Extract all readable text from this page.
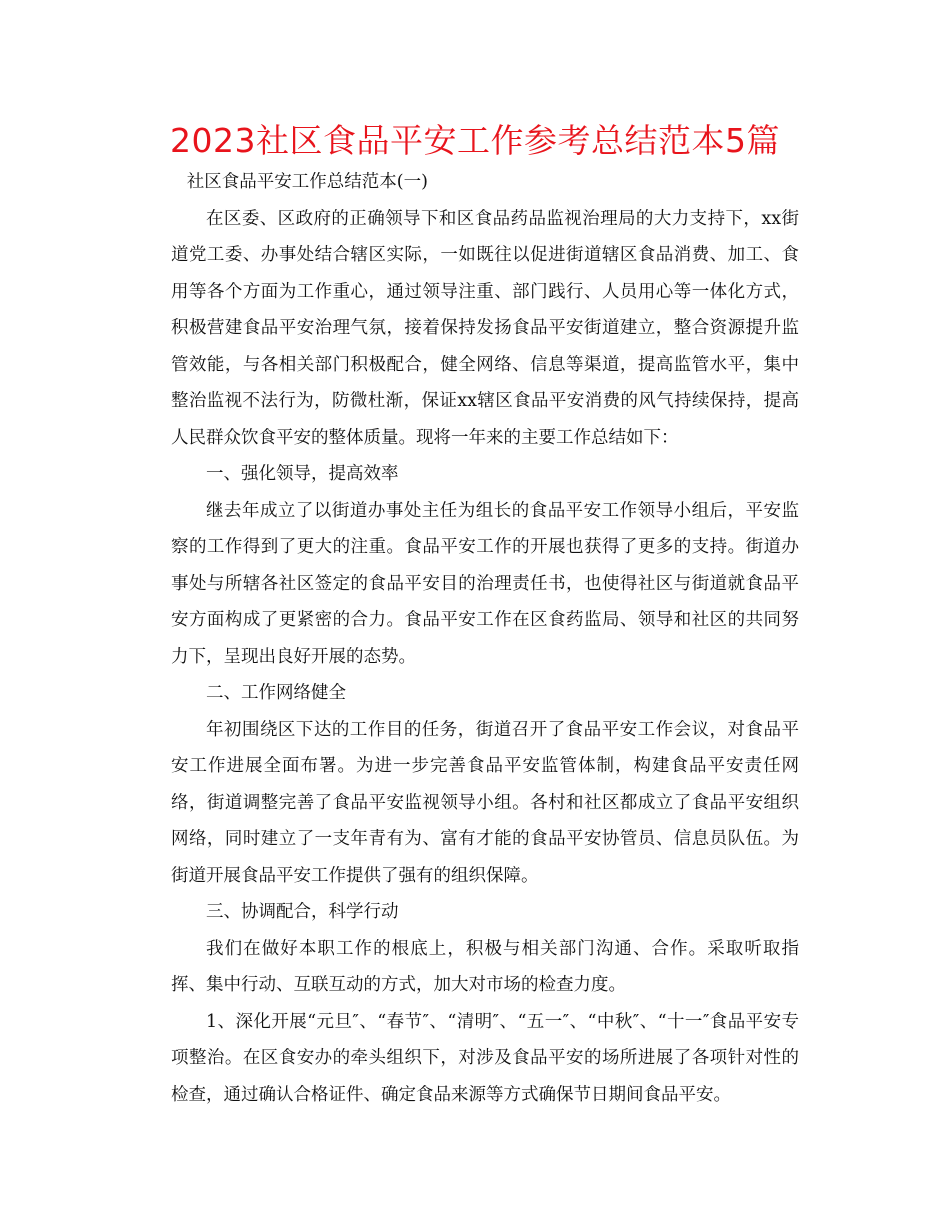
2023社区食品平安工作参考总结范本5篇

社区食品平安工作总结范本(一)

在区委、区政府的正确领导下和区食品药品监视治理局的大力支持下，xx街道党工委、办事处结合辖区实际，一如既往以促进街道辖区食品消费、加工、食用等各个方面为工作重心，通过领导注重、部门践行、人员用心等一体化方式，积极营建食品平安治理气氛，接着保持发扬食品平安街道建立，整合资源提升监管效能，与各相关部门积极配合，健全网络、信息等渠道，提高监管水平，集中整治监视不法行为，防微杜渐，保证xx辖区食品平安消费的风气持续保持，提高人民群众饮食平安的整体质量。现将一年来的主要工作总结如下：

一、强化领导，提高效率

继去年成立了以街道办事处主任为组长的食品平安工作领导小组后，平安监察的工作得到了更大的注重。食品平安工作的开展也获得了更多的支持。街道办事处与所辖各社区签定的食品平安目的治理责任书，也使得社区与街道就食品平安方面构成了更紧密的合力。食品平安工作在区食药监局、领导和社区的共同努力下，呈现出良好开展的态势。

二、工作网络健全

年初围绕区下达的工作目的任务，街道召开了食品平安工作会议，对食品平安工作进展全面布署。为进一步完善食品平安监管体制，构建食品平安责任网络，街道调整完善了食品平安监视领导小组。各村和社区都成立了食品平安组织网络，同时建立了一支年青有为、富有才能的食品平安协管员、信息员队伍。为街道开展食品平安工作提供了强有的组织保障。

三、协调配合，科学行动

我们在做好本职工作的根底上，积极与相关部门沟通、合作。采取听取指挥、集中行动、互联互动的方式，加大对市场的检查力度。

1、深化开展“元旦″、“春节″、“清明″、“五一″、“中秋″、“十一″食品平安专项整治。在区食安办的牵头组织下，对涉及食品平安的场所进展了各项针对性的检查，通过确认合格证件、确定食品来源等方式确保节日期间食品平安。
